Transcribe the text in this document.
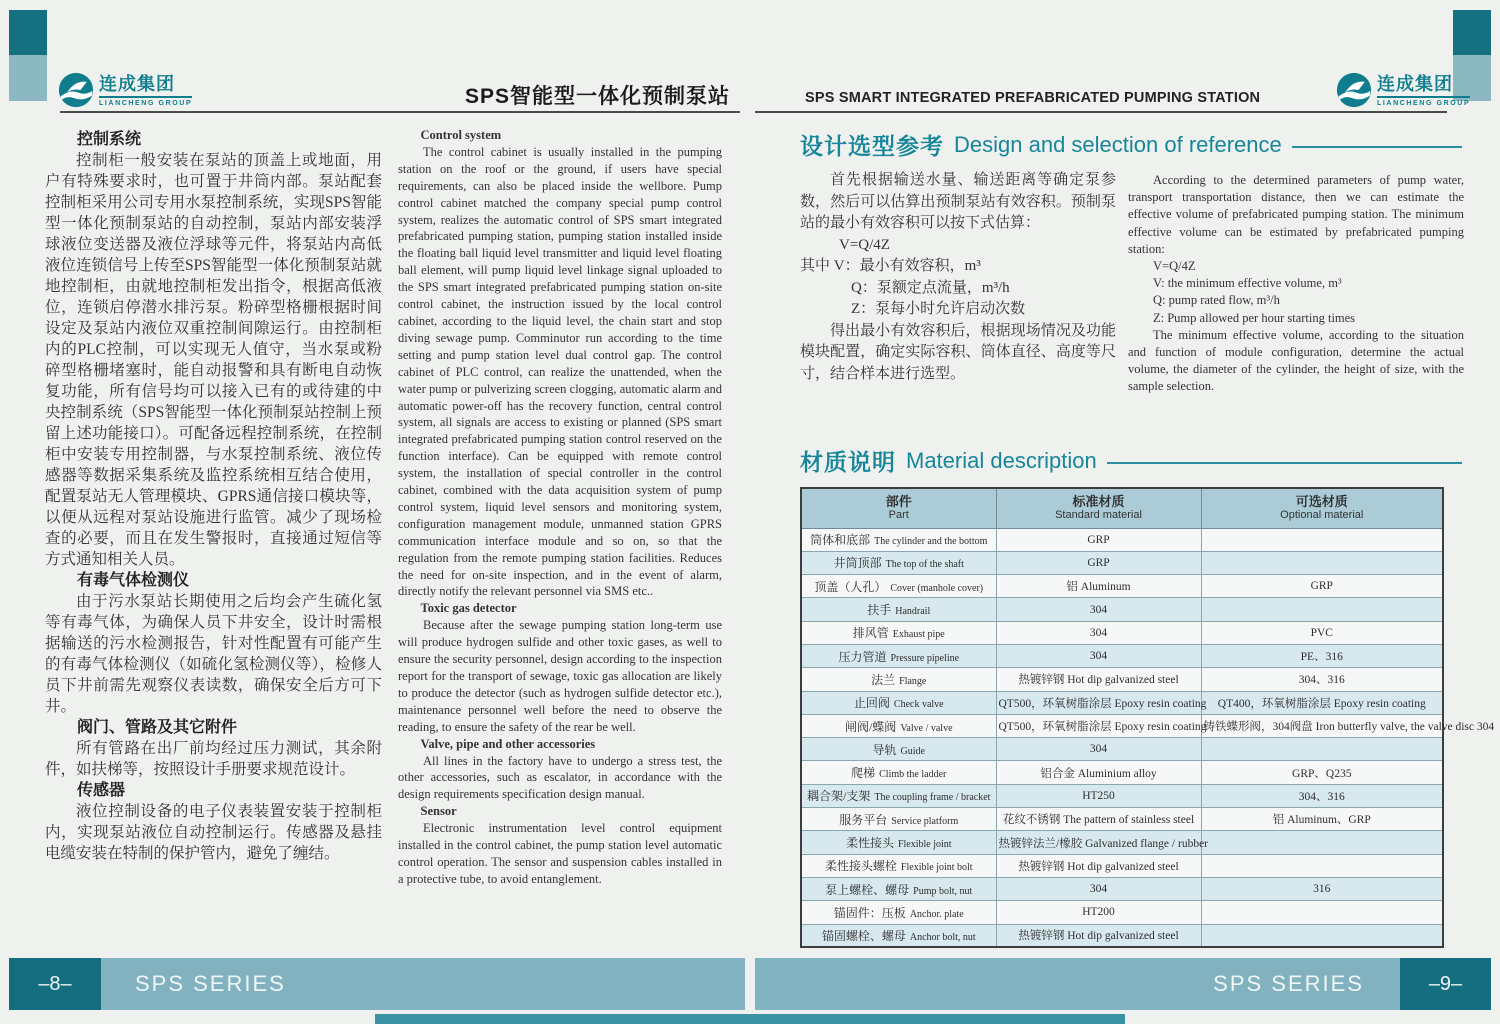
连成集团
LIANCHENG GROUP
连成集团
LIANCHENG GROUP
SPS智能型一体化预制泵站	SPS SMART INTEGRATED PREFABRICATED PUMPING STATION
控制系统

控制柜一般安装在泵站的顶盖上或地面，用户有特殊要求时，也可置于井筒内部。泵站配套控制柜采用公司专用水泵控制系统，实现SPS智能型一体化预制泵站的自动控制，泵站内部安装浮球液位变送器及液位浮球等元件，将泵站内高低液位连锁信号上传至SPS智能型一体化预制泵站就地控制柜，由就地控制柜发出指令，根据高低液位，连锁启停潜水排污泵。粉碎型格栅根据时间设定及泵站内液位双重控制间隙运行。由控制柜内的PLC控制，可以实现无人值守，当水泵或粉碎型格栅堵塞时，能自动报警和具有断电自动恢复功能，所有信号均可以接入已有的或待建的中央控制系统（SPS智能型一体化预制泵站控制上预留上述功能接口）。可配备远程控制系统，在控制柜中安装专用控制器，与水泵控制系统、液位传感器等数据采集系统及监控系统相互结合使用，配置泵站无人管理模块、GPRS通信接口模块等，以便从远程对泵站设施进行监管。减少了现场检查的必要，而且在发生警报时，直接通过短信等方式通知相关人员。

有毒气体检测仪

由于污水泵站长期使用之后均会产生硫化氢等有毒气体，为确保人员下井安全，设计时需根据输送的污水检测报告，针对性配置有可能产生的有毒气体检测仪（如硫化氢检测仪等），检修人员下井前需先观察仪表读数，确保安全后方可下井。

阀门、管路及其它附件

所有管路在出厂前均经过压力测试，其余附件，如扶梯等，按照设计手册要求规范设计。

传感器

液位控制设备的电子仪表装置安装于控制柜内，实现泵站液位自动控制运行。传感器及悬挂电缆安装在特制的保护管内，避免了缠结。

Control system

The control cabinet is usually installed in the pumping station on the roof or the ground, if users have special requirements, can also be placed inside the wellbore. Pump control cabinet matched the company special pump control system, realizes the automatic control of SPS smart integrated prefabricated pumping station, pumping station installed inside the floating ball liquid level transmitter and liquid level floating ball element, will pump liquid level linkage signal uploaded to the SPS smart integrated prefabricated pumping station on-site control cabinet, the instruction issued by the local control cabinet, according to the liquid level, the chain start and stop diving sewage pump. Comminutor run according to the time setting and pump station level dual control gap. The control cabinet of PLC control, can realize the unattended, when the water pump or pulverizing screen clogging, automatic alarm and automatic power-off has the recovery function, central control system, all signals are access to existing or planned (SPS smart integrated prefabricated pumping station control reserved on the function interface). Can be equipped with remote control system, the installation of special controller in the control cabinet, combined with the data acquisition system of pump control system, liquid level sensors and monitoring system, configuration management module, unmanned station GPRS communication interface module and so on, so that the regulation from the remote pumping station facilities. Reduces the need for on-site inspection, and in the event of alarm, directly notify the relevant personnel via SMS etc..

Toxic gas detector

Because after the sewage pumping station long-term use will produce hydrogen sulfide and other toxic gases, as well to ensure the security personnel, design according to the inspection report for the transport of sewage, toxic gas allocation are likely to produce the detector (such as hydrogen sulfide detector etc.), maintenance personnel well before the need to observe the reading, to ensure the safety of the rear be well.

Valve, pipe and other accessories

All lines in the factory have to undergo a stress test, the other accessories, such as escalator, in accordance with the design requirements specification design manual.

Sensor

Electronic instrumentation level control equipment installed in the control cabinet, the pump station level automatic control operation. The sensor and suspension cables installed in a protective tube, to avoid entanglement.

设计选型参考 Design and selection of reference

首先根据输送水量、输送距离等确定泵参数，然后可以估算出预制泵站有效容积。预制泵站的最小有效容积可以按下式估算：

V=Q/4Z

其中 V：最小有效容积，m³

Q：泵额定点流量，m³/h

Z：泵每小时允许启动次数

得出最小有效容积后，根据现场情况及功能模块配置，确定实际容积、筒体直径、高度等尺寸，结合样本进行选型。

According to the determined parameters of pump water, transport transportation distance, then we can estimate the effective volume of prefabricated pumping station. The minimum effective volume can be estimated by prefabricated pumping station:

V=Q/4Z

V: the minimum effective volume, m³

Q: pump rated flow, m³/h

Z: Pump allowed per hour starting times

The minimum effective volume, according to the situation and function of module configuration, determine the actual volume, the diameter of the cylinder, the height of size, with the sample selection.

材质说明 Material description
部件
Part

标准材质
Standard material

可选材质
Optional material

筒体和底部 The cylinder and the bottom	GRP	
井筒顶部 The top of the shaft	GRP	
顶盖（人孔） Cover (manhole cover)	铝 Aluminum	GRP
扶手 Handrail	304	
排风管 Exhaust pipe	304	PVC
压力管道 Pressure pipeline	304	PE、316
法兰 Flange	热镀锌钢 Hot dip galvanized steel	304、316
止回阀 Check valve	QT500，环氧树脂涂层 Epoxy resin coating	QT400，环氧树脂涂层 Epoxy resin coating
闸阀/蝶阀 Valve / valve	QT500，环氧树脂涂层 Epoxy resin coating	铸铁蝶形阀，304阀盘 Iron butterfly valve, the valve disc 304
导轨 Guide	304	
爬梯 Climb the ladder	铝合金 Aluminium alloy	GRP、Q235
耦合架/支架 The coupling frame / bracket	HT250	304、316
服务平台 Service platform	花纹不锈钢 The pattern of stainless steel	铝 Aluminum、GRP
柔性接头 Flexible joint	热镀锌法兰/橡胶 Galvanized flange / rubber	
柔性接头螺栓 Flexible joint bolt	热镀锌钢 Hot dip galvanized steel	
泵上螺栓、螺母 Pump bolt, nut	304	316
锚固件：压板 Anchor. plate	HT200	
锚固螺栓、螺母 Anchor bolt, nut	热镀锌钢 Hot dip galvanized steel	
–8–	SPS SERIES	SPS SERIES	–9–
